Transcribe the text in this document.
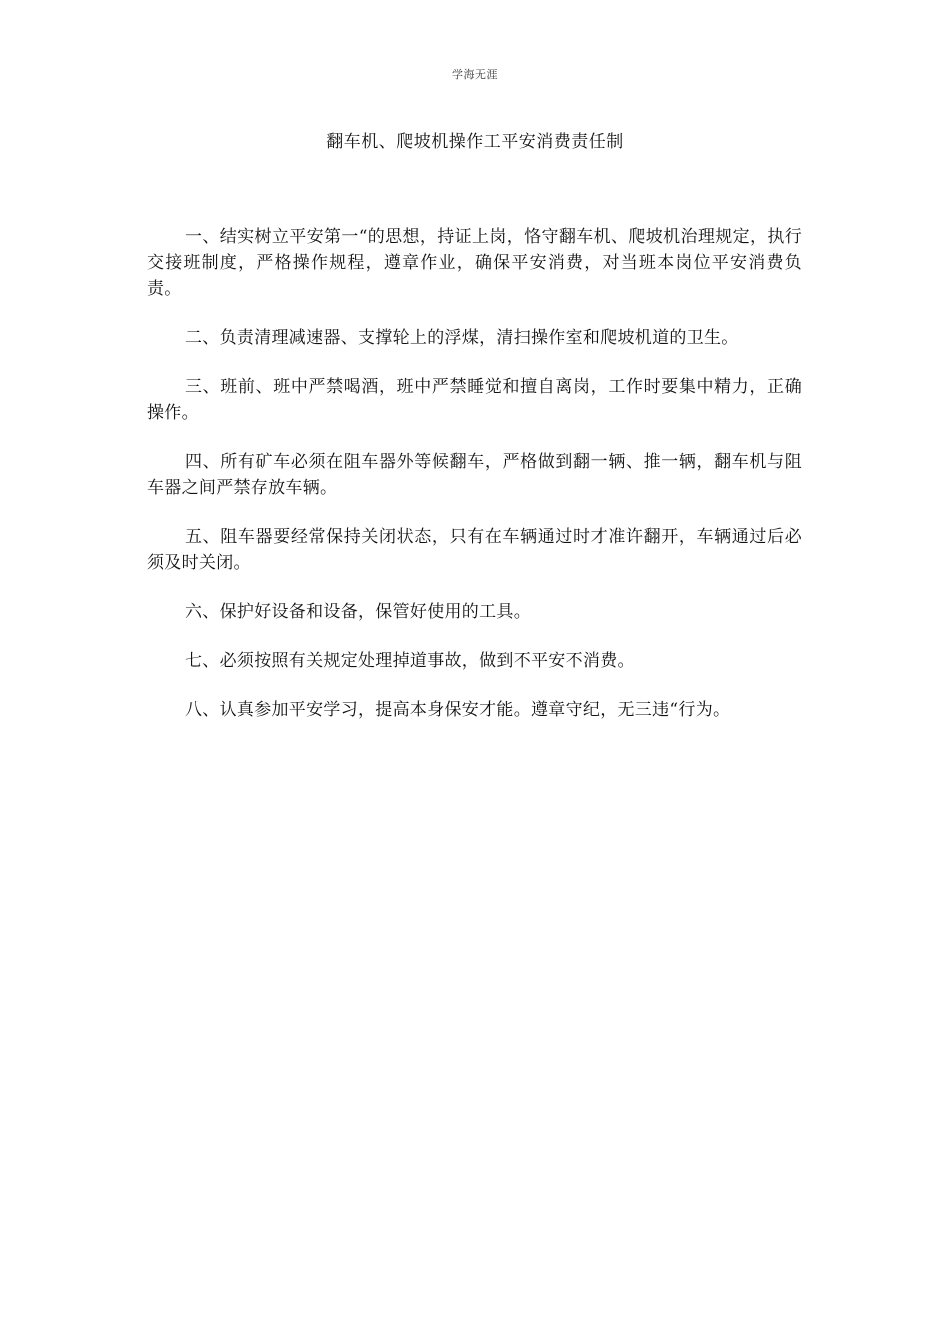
学海无涯
翻车机、爬坡机操作工平安消费责任制

一、结实树立平安第一“的思想，持证上岗，恪守翻车机、爬坡机治理规定，执行交接班制度，严格操作规程，遵章作业，确保平安消费，对当班本岗位平安消费负责。

二、负责清理减速器、支撑轮上的浮煤，清扫操作室和爬坡机道的卫生。

三、班前、班中严禁喝酒，班中严禁睡觉和擅自离岗，工作时要集中精力，正确操作。

四、所有矿车必须在阻车器外等候翻车，严格做到翻一辆、推一辆，翻车机与阻车器之间严禁存放车辆。

五、阻车器要经常保持关闭状态，只有在车辆通过时才准许翻开，车辆通过后必须及时关闭。

六、保护好设备和设备，保管好使用的工具。

七、必须按照有关规定处理掉道事故，做到不平安不消费。

八、认真参加平安学习，提高本身保安才能。遵章守纪，无三违“行为。
